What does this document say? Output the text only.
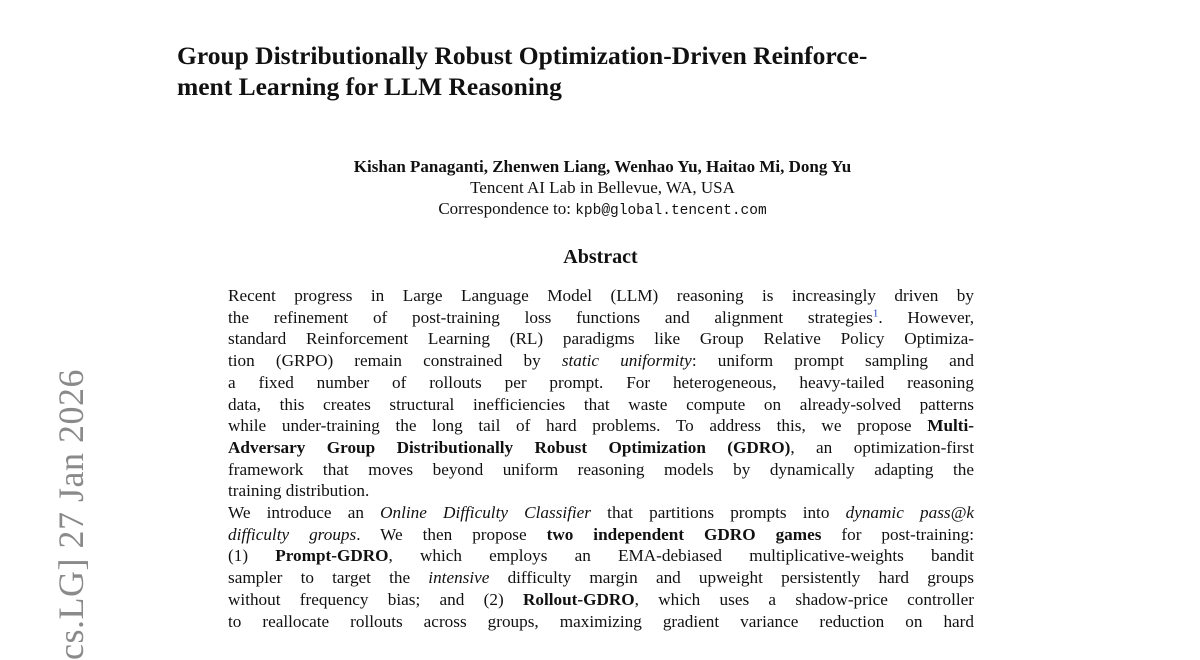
cs.LG] 27 Jan 2026
Group Distributionally Robust Optimization-Driven Reinforce-
ment Learning for LLM Reasoning
Kishan Panaganti, Zhenwen Liang, Wenhao Yu, Haitao Mi, Dong Yu
Tencent AI Lab in Bellevue, WA, USA
Correspondence to: kpb@global.tencent.com
Abstract
Recent progress in Large Language Model (LLM) reasoning is increasingly driven by
the refinement of post-training loss functions and alignment strategies$^1$. However,
standard Reinforcement Learning (RL) paradigms like Group Relative Policy Optimiza-
tion (GRPO) remain constrained by static uniformity: uniform prompt sampling and
a fixed number of rollouts per prompt. For heterogeneous, heavy-tailed reasoning
data, this creates structural inefficiencies that waste compute on already-solved patterns
while under-training the long tail of hard problems. To address this, we propose Multi-
Adversary Group Distributionally Robust Optimization (GDRO), an optimization-first
framework that moves beyond uniform reasoning models by dynamically adapting the
training distribution.
We introduce an Online Difficulty Classifier that partitions prompts into dynamic pass@k
difficulty groups. We then propose two independent GDRO games for post-training:
(1) Prompt-GDRO, which employs an EMA-debiased multiplicative-weights bandit
sampler to target the intensive difficulty margin and upweight persistently hard groups
without frequency bias; and (2) Rollout-GDRO, which uses a shadow-price controller
to reallocate rollouts across groups, maximizing gradient variance reduction on hard
